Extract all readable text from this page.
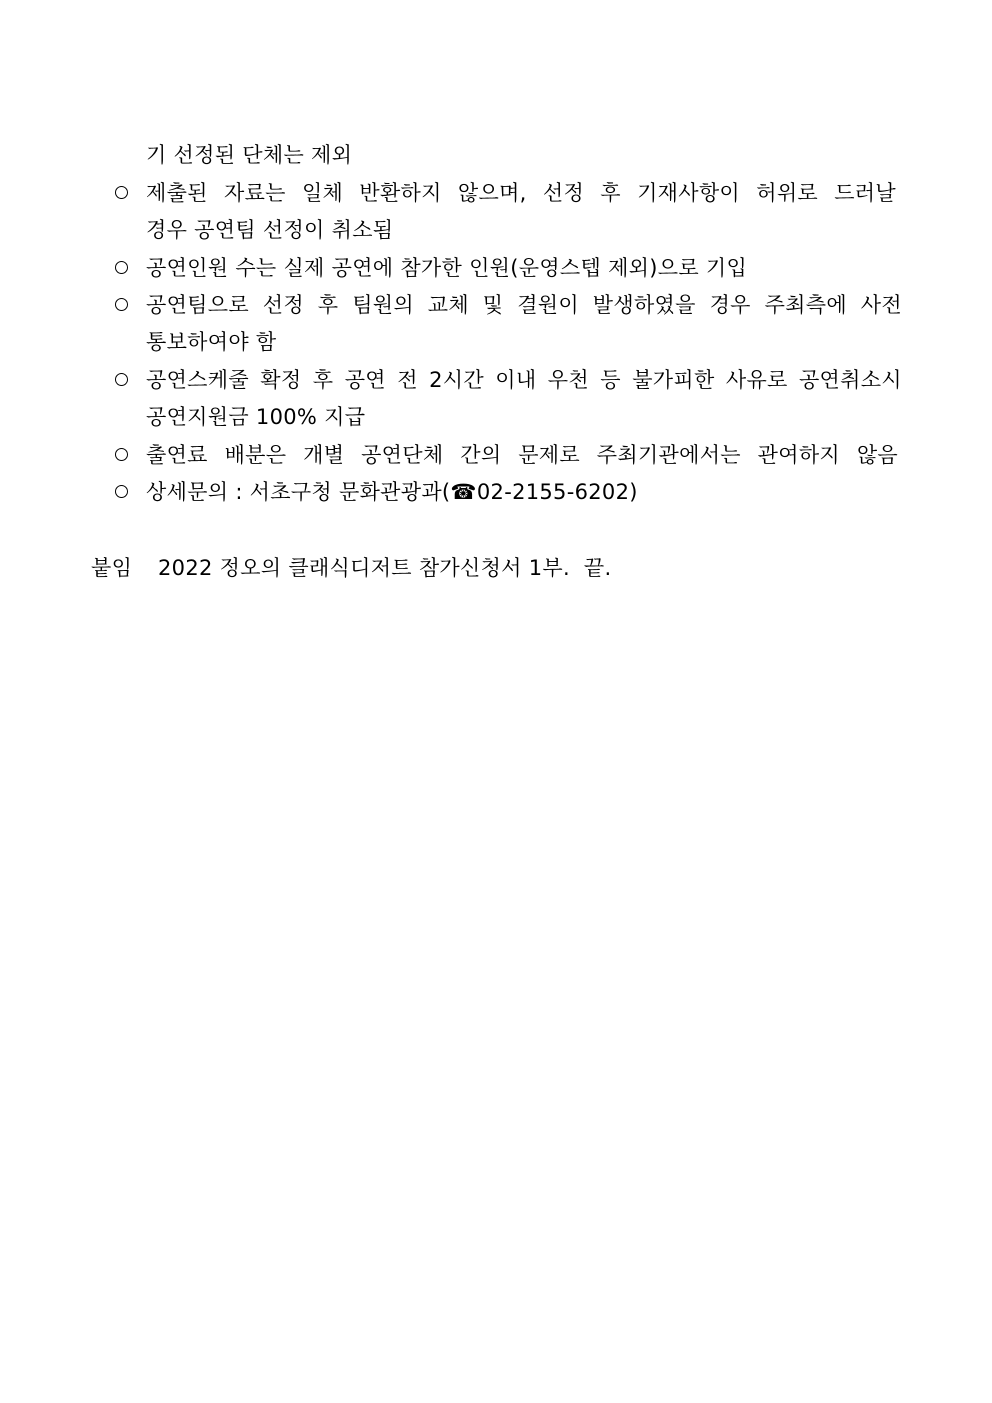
기 선정된 단체는 제외
제출된 자료는 일체 반환하지 않으며, 선정 후 기재사항이 허위로 드러날
경우 공연팀 선정이 취소됨
공연인원 수는 실제 공연에 참가한 인원(운영스텝 제외)으로 기입
공연팀으로 선정 후 팀원의 교체 및 결원이 발생하였을 경우 주최측에 사전
통보하여야 함
공연스케줄 확정 후 공연 전 2시간 이내 우천 등 불가피한 사유로 공연취소시
공연지원금 100% 지급
출연료 배분은 개별 공연단체 간의 문제로 주최기관에서는 관여하지 않음
상세문의 : 서초구청 문화관광과(☎02-2155-6202)
붙임 2022 정오의 클래식디저트 참가신청서 1부.  끝.
